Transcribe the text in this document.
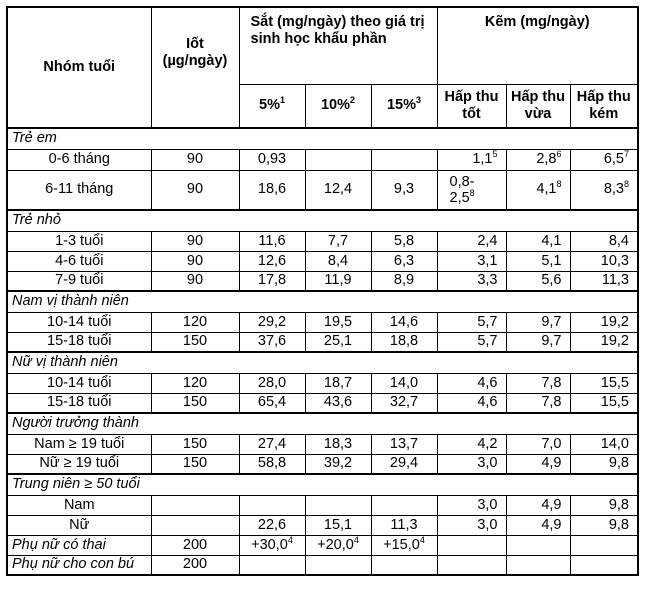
Nhóm tuổi	Iốt (µg/ngày)	Sắt (mg/ngày) theo giá trị sinh học khẩu phần			Kẽm (mg/ngày)		
		5%$^1$	10%$^2$	15%$^3$	Hấp thu tốt	Hấp thu vừa	Hấp thu kém
Trẻ em							
0-6 tháng	90	0,93			$1,1^5$	$2,8^6$	$6,5^7$
6-11 tháng	90	18,6	12,4	9,3	$0,8-2,5^8$	$4,1^8$	$8,3^8$
Trẻ nhỏ							
1-3 tuổi	90	11,6	7,7	5,8	2,4	4,1	8,4
4-6 tuổi	90	12,6	8,4	6,3	3,1	5,1	10,3
7-9 tuổi	90	17,8	11,9	8,9	3,3	5,6	11,3
Nam vị thành niên							
10-14 tuổi	120	29,2	19,5	14,6	5,7	9,7	19,2
15-18 tuổi	150	37,6	25,1	18,8	5,7	9,7	19,2
Nữ vị thành niên							
10-14 tuổi	120	28,0	18,7	14,0	4,6	7,8	15,5
15-18 tuổi	150	65,4	43,6	32,7	4,6	7,8	15,5
Người trưởng thành							
Nam ≥ 19 tuổi	150	27,4	18,3	13,7	4,2	7,0	14,0
Nữ ≥ 19 tuổi	150	58,8	39,2	29,4	3,0	4,9	9,8
Trung niên ≥ 50 tuổi							
Nam					3,0	4,9	9,8
Nữ		22,6	15,1	11,3	3,0	4,9	9,8
Phụ nữ có thai	200	$+30,0^4$	$+20,0^4$	$+15,0^4$			
Phụ nữ cho con bú	200						
